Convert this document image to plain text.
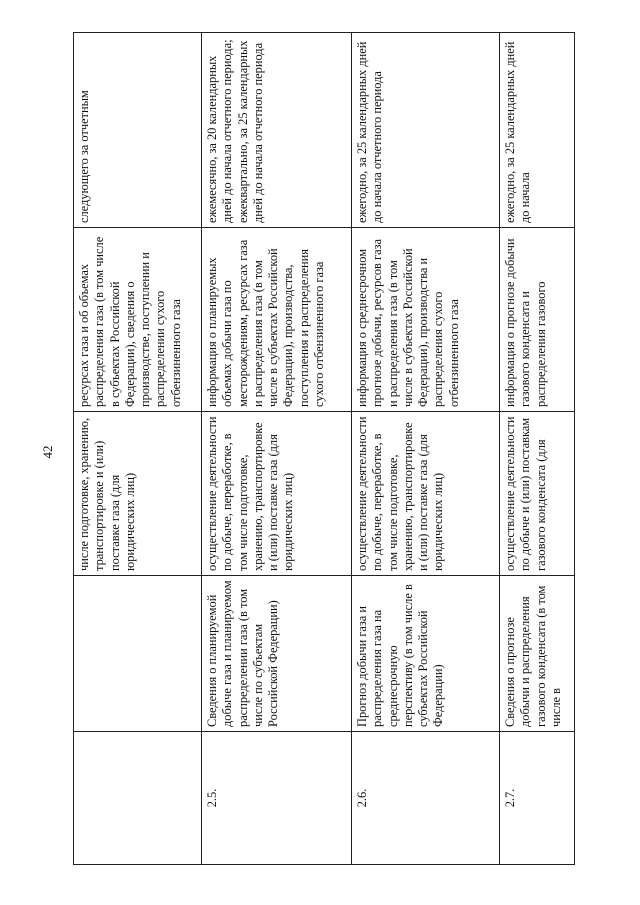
42
		числе подготовке, хранению, транспортировке и (или) поставке газа (для юридических лиц)	ресурсах газа и об объемах распределения газа (в том числе в субъектах Российской Федерации), сведения о производстве, поступлении и распределении сухого отбензиненного газа	следующего за отчетным
2.5.	Сведения о планируемой добыче газа и планируемом распределении газа (в том числе по субъектам Российской Федерации)	осуществление деятельности по добыче, переработке, в том числе подготовке, хранению, транспортировке и (или) поставке газа (для юридических лиц)	информация о планируемых объемах добычи газа по месторождениям, ресурсах газа и распределения газа (в том числе в субъектах Российской Федерации), производства, поступления и распределения сухого отбензиненного газа	ежемесячно, за 20 календарных дней до начала отчетного периода; ежеквартально, за 25 календарных дней до начала отчетного периода
2.6.	Прогноз добычи газа и распределения газа на среднесрочную перспективу (в том числе в субъектах Российской Федерации)	осуществление деятельности по добыче, переработке, в том числе подготовке, хранению, транспортировке и (или) поставке газа (для юридических лиц)	информация о среднесрочном прогнозе добычи, ресурсов газа и распределения газа (в том числе в субъектах Российской Федерации), производства и распределения сухого отбензиненного газа	ежегодно, за 25 календарных дней до начала отчетного периода
2.7.	Сведения о прогнозе добычи и распределения газового конденсата (в том числе в	осуществление деятельности по добыче и (или) поставкам газового конденсата (для	информация о прогнозе добычи газового конденсата и распределения газового	ежегодно, за 25 календарных дней до начала
